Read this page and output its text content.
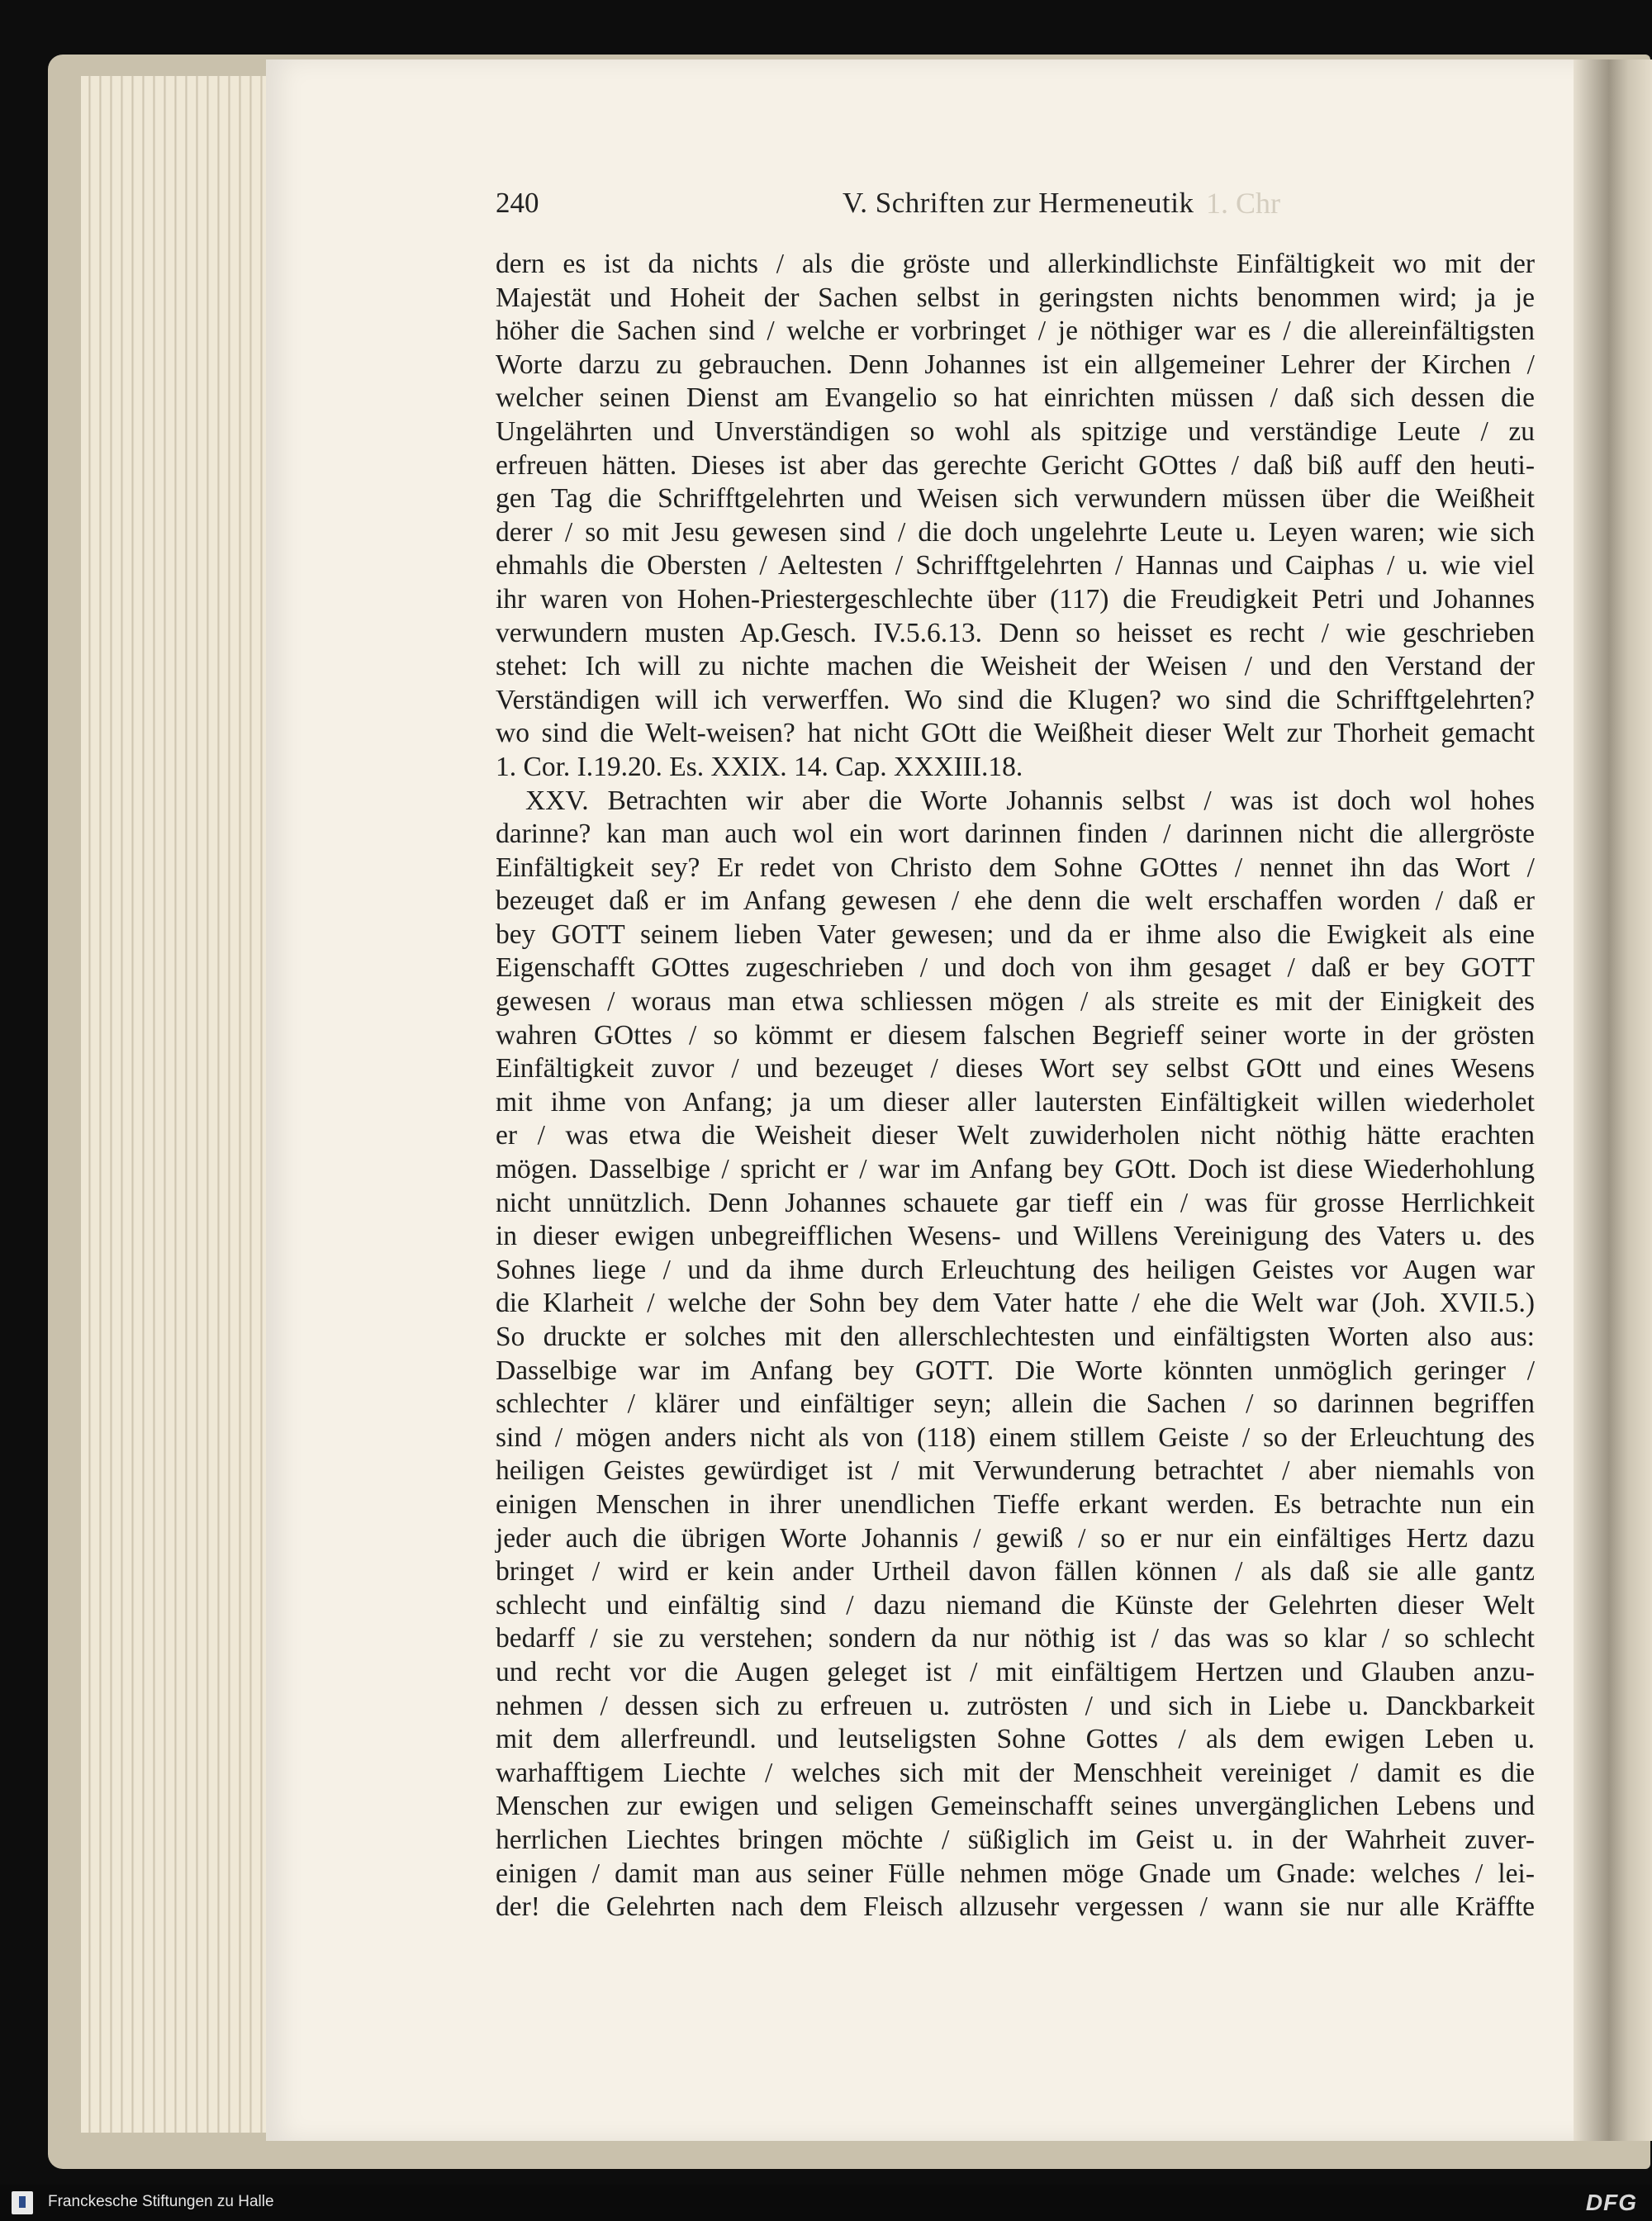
1. Chr
240	V. Schriften zur Hermeneutik
dern es ist da nichts / als die gröste und allerkindlichste Einfältigkeit wo mit der
Majestät und Hoheit der Sachen selbst in geringsten nichts benommen wird; ja je
höher die Sachen sind / welche er vorbringet / je nöthiger war es / die allereinfältigsten
Worte darzu zu gebrauchen. Denn Johannes ist ein allgemeiner Lehrer der Kirchen /
welcher seinen Dienst am Evangelio so hat einrichten müssen / daß sich dessen die
Ungelährten und Unverständigen so wohl als spitzige und verständige Leute / zu
erfreuen hätten. Dieses ist aber das gerechte Gericht GOttes / daß biß auff den heuti-
gen Tag die Schrifftgelehrten und Weisen sich verwundern müssen über die Weißheit
derer / so mit Jesu gewesen sind / die doch ungelehrte Leute u. Leyen waren; wie sich
ehmahls die Obersten / Aeltesten / Schrifftgelehrten / Hannas und Caiphas / u. wie viel
ihr waren von Hohen-Priestergeschlechte über (117) die Freudigkeit Petri und Johannes
verwundern musten Ap.Gesch. IV.5.6.13. Denn so heisset es recht / wie geschrieben
stehet: Ich will zu nichte machen die Weisheit der Weisen / und den Verstand der
Verständigen will ich verwerffen. Wo sind die Klugen? wo sind die Schrifftgelehrten?
wo sind die Welt-weisen? hat nicht GOtt die Weißheit dieser Welt zur Thorheit gemacht
1. Cor. I.19.20. Es. XXIX. 14. Cap. XXXIII.18.
XXV. Betrachten wir aber die Worte Johannis selbst / was ist doch wol hohes
darinne? kan man auch wol ein wort darinnen finden / darinnen nicht die allergröste
Einfältigkeit sey? Er redet von Christo dem Sohne GOttes / nennet ihn das Wort /
bezeuget daß er im Anfang gewesen / ehe denn die welt erschaffen worden / daß er
bey GOTT seinem lieben Vater gewesen; und da er ihme also die Ewigkeit als eine
Eigenschafft GOttes zugeschrieben / und doch von ihm gesaget / daß er bey GOTT
gewesen / woraus man etwa schliessen mögen / als streite es mit der Einigkeit des
wahren GOttes / so kömmt er diesem falschen Begrieff seiner worte in der grösten
Einfältigkeit zuvor / und bezeuget / dieses Wort sey selbst GOtt und eines Wesens
mit ihme von Anfang; ja um dieser aller lautersten Einfältigkeit willen wiederholet
er / was etwa die Weisheit dieser Welt zuwiderholen nicht nöthig hätte erachten
mögen. Dasselbige / spricht er / war im Anfang bey GOtt. Doch ist diese Wiederhohlung
nicht unnützlich. Denn Johannes schauete gar tieff ein / was für grosse Herrlichkeit
in dieser ewigen unbegreifflichen Wesens- und Willens Vereinigung des Vaters u. des
Sohnes liege / und da ihme durch Erleuchtung des heiligen Geistes vor Augen war
die Klarheit / welche der Sohn bey dem Vater hatte / ehe die Welt war (Joh. XVII.5.)
So druckte er solches mit den allerschlechtesten und einfältigsten Worten also aus:
Dasselbige war im Anfang bey GOTT. Die Worte könnten unmöglich geringer /
schlechter / klärer und einfältiger seyn; allein die Sachen / so darinnen begriffen
sind / mögen anders nicht als von (118) einem stillem Geiste / so der Erleuchtung des
heiligen Geistes gewürdiget ist / mit Verwunderung betrachtet / aber niemahls von
einigen Menschen in ihrer unendlichen Tieffe erkant werden. Es betrachte nun ein
jeder auch die übrigen Worte Johannis / gewiß / so er nur ein einfältiges Hertz dazu
bringet / wird er kein ander Urtheil davon fällen können / als daß sie alle gantz
schlecht und einfältig sind / dazu niemand die Künste der Gelehrten dieser Welt
bedarff / sie zu verstehen; sondern da nur nöthig ist / das was so klar / so schlecht
und recht vor die Augen geleget ist / mit einfältigem Hertzen und Glauben anzu-
nehmen / dessen sich zu erfreuen u. zutrösten / und sich in Liebe u. Danckbarkeit
mit dem allerfreundl. und leutseligsten Sohne Gottes / als dem ewigen Leben u.
warhafftigem Liechte / welches sich mit der Menschheit vereiniget / damit es die
Menschen zur ewigen und seligen Gemeinschafft seines unvergänglichen Lebens und
herrlichen Liechtes bringen möchte / süßiglich im Geist u. in der Wahrheit zuver-
einigen / damit man aus seiner Fülle nehmen möge Gnade um Gnade: welches / lei-
der! die Gelehrten nach dem Fleisch allzusehr vergessen / wann sie nur alle Kräffte
Franckesche Stiftungen zu Halle	DFG
